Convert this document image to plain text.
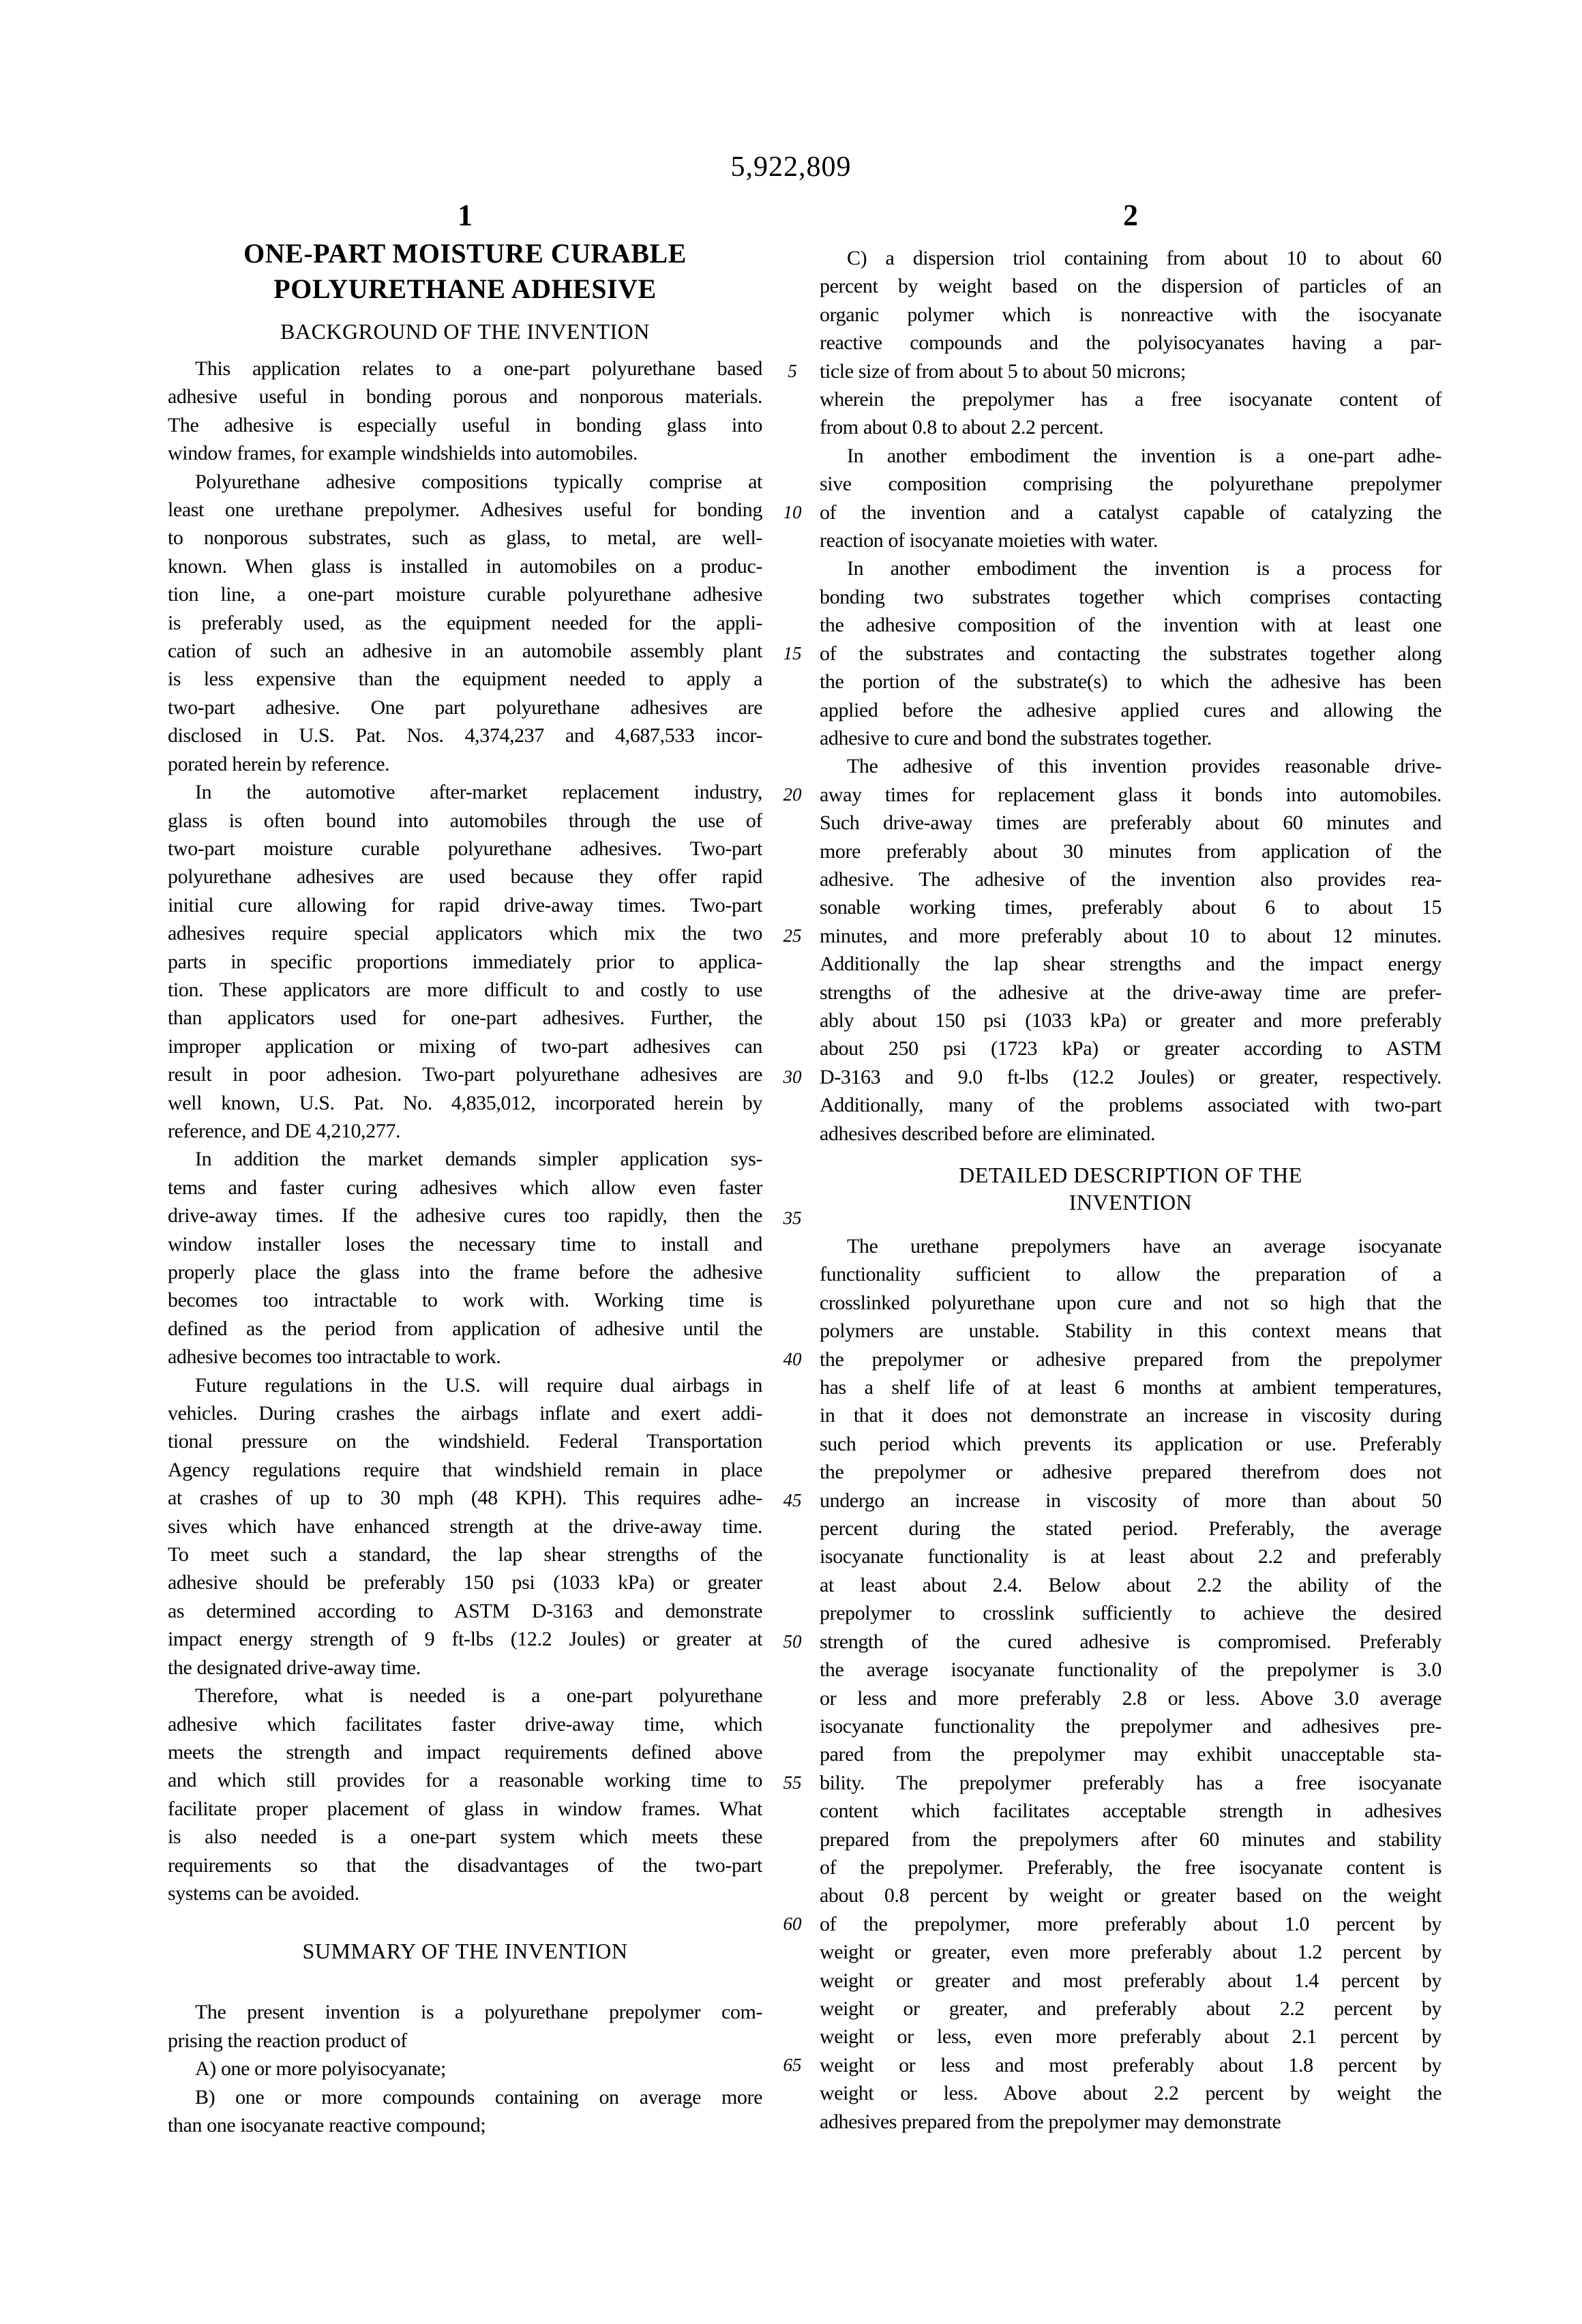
5,922,809
1
ONE-PART MOISTURE CURABLE
POLYURETHANE ADHESIVE
BACKGROUND OF THE INVENTION
This application relates to a one-part polyurethane based
adhesive useful in bonding porous and nonporous materials.
The adhesive is especially useful in bonding glass into
window frames, for example windshields into automobiles.
Polyurethane adhesive compositions typically comprise at
least one urethane prepolymer. Adhesives useful for bonding
to nonporous substrates, such as glass, to metal, are well-
known. When glass is installed in automobiles on a produc-
tion line, a one-part moisture curable polyurethane adhesive
is preferably used, as the equipment needed for the appli-
cation of such an adhesive in an automobile assembly plant
is less expensive than the equipment needed to apply a
two-part adhesive. One part polyurethane adhesives are
disclosed in U.S. Pat. Nos. 4,374,237 and 4,687,533 incor-
porated herein by reference.
In the automotive after-market replacement industry,
glass is often bound into automobiles through the use of
two-part moisture curable polyurethane adhesives. Two-part
polyurethane adhesives are used because they offer rapid
initial cure allowing for rapid drive-away times. Two-part
adhesives require special applicators which mix the two
parts in specific proportions immediately prior to applica-
tion. These applicators are more difficult to and costly to use
than applicators used for one-part adhesives. Further, the
improper application or mixing of two-part adhesives can
result in poor adhesion. Two-part polyurethane adhesives are
well known, U.S. Pat. No. 4,835,012, incorporated herein by
reference, and DE 4,210,277.
In addition the market demands simpler application sys-
tems and faster curing adhesives which allow even faster
drive-away times. If the adhesive cures too rapidly, then the
window installer loses the necessary time to install and
properly place the glass into the frame before the adhesive
becomes too intractable to work with. Working time is
defined as the period from application of adhesive until the
adhesive becomes too intractable to work.
Future regulations in the U.S. will require dual airbags in
vehicles. During crashes the airbags inflate and exert addi-
tional pressure on the windshield. Federal Transportation
Agency regulations require that windshield remain in place
at crashes of up to 30 mph (48 KPH). This requires adhe-
sives which have enhanced strength at the drive-away time.
To meet such a standard, the lap shear strengths of the
adhesive should be preferably 150 psi (1033 kPa) or greater
as determined according to ASTM D-3163 and demonstrate
impact energy strength of 9 ft-lbs (12.2 Joules) or greater at
the designated drive-away time.
Therefore, what is needed is a one-part polyurethane
adhesive which facilitates faster drive-away time, which
meets the strength and impact requirements defined above
and which still provides for a reasonable working time to
facilitate proper placement of glass in window frames. What
is also needed is a one-part system which meets these
requirements so that the disadvantages of the two-part
systems can be avoided.
SUMMARY OF THE INVENTION
The present invention is a polyurethane prepolymer com-
prising the reaction product of
A) one or more polyisocyanate;
B) one or more compounds containing on average more
than one isocyanate reactive compound;
2
C) a dispersion triol containing from about 10 to about 60
percent by weight based on the dispersion of particles of an
organic polymer which is nonreactive with the isocyanate
reactive compounds and the polyisocyanates having a par-
ticle size of from about 5 to about 50 microns;
wherein the prepolymer has a free isocyanate content of
from about 0.8 to about 2.2 percent.
In another embodiment the invention is a one-part adhe-
sive composition comprising the polyurethane prepolymer
of the invention and a catalyst capable of catalyzing the
reaction of isocyanate moieties with water.
In another embodiment the invention is a process for
bonding two substrates together which comprises contacting
the adhesive composition of the invention with at least one
of the substrates and contacting the substrates together along
the portion of the substrate(s) to which the adhesive has been
applied before the adhesive applied cures and allowing the
adhesive to cure and bond the substrates together.
The adhesive of this invention provides reasonable drive-
away times for replacement glass it bonds into automobiles.
Such drive-away times are preferably about 60 minutes and
more preferably about 30 minutes from application of the
adhesive. The adhesive of the invention also provides rea-
sonable working times, preferably about 6 to about 15
minutes, and more preferably about 10 to about 12 minutes.
Additionally the lap shear strengths and the impact energy
strengths of the adhesive at the drive-away time are prefer-
ably about 150 psi (1033 kPa) or greater and more preferably
about 250 psi (1723 kPa) or greater according to ASTM
D-3163 and 9.0 ft-lbs (12.2 Joules) or greater, respectively.
Additionally, many of the problems associated with two-part
adhesives described before are eliminated.
DETAILED DESCRIPTION OF THE
INVENTION
The urethane prepolymers have an average isocyanate
functionality sufficient to allow the preparation of a
crosslinked polyurethane upon cure and not so high that the
polymers are unstable. Stability in this context means that
the prepolymer or adhesive prepared from the prepolymer
has a shelf life of at least 6 months at ambient temperatures,
in that it does not demonstrate an increase in viscosity during
such period which prevents its application or use. Preferably
the prepolymer or adhesive prepared therefrom does not
undergo an increase in viscosity of more than about 50
percent during the stated period. Preferably, the average
isocyanate functionality is at least about 2.2 and preferably
at least about 2.4. Below about 2.2 the ability of the
prepolymer to crosslink sufficiently to achieve the desired
strength of the cured adhesive is compromised. Preferably
the average isocyanate functionality of the prepolymer is 3.0
or less and more preferably 2.8 or less. Above 3.0 average
isocyanate functionality the prepolymer and adhesives pre-
pared from the prepolymer may exhibit unacceptable sta-
bility. The prepolymer preferably has a free isocyanate
content which facilitates acceptable strength in adhesives
prepared from the prepolymers after 60 minutes and stability
of the prepolymer. Preferably, the free isocyanate content is
about 0.8 percent by weight or greater based on the weight
of the prepolymer, more preferably about 1.0 percent by
weight or greater, even more preferably about 1.2 percent by
weight or greater and most preferably about 1.4 percent by
weight or greater, and preferably about 2.2 percent by
weight or less, even more preferably about 2.1 percent by
weight or less and most preferably about 1.8 percent by
weight or less. Above about 2.2 percent by weight the
adhesives prepared from the prepolymer may demonstrate
5
10
15
20
25
30
35
40
45
50
55
60
65
